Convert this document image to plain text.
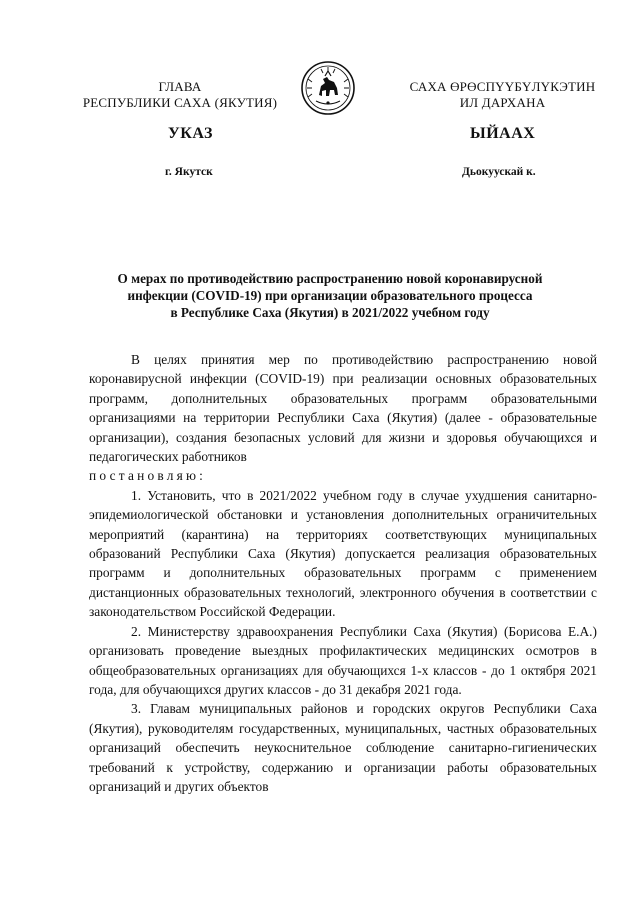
ГЛАВА
РЕСПУБЛИКИ САХА (ЯКУТИЯ)
САХА ӨРӨСПҮҮБҮЛҮКЭТИН
ИЛ ДАРХАНА
УКАЗ	ЫЙААХ
г. Якутск	Дьокуускай к.
О мерах по противодействию распространению новой коронавирусной
инфекции (COVID-19) при организации образовательного процесса
в Республике Саха (Якутия) в 2021/2022 учебном году

В целях принятия мер по противодействию распространению новой коронавирусной инфекции (COVID-19) при реализации основных образовательных программ, дополнительных образовательных программ образовательными организациями на территории Республики Саха (Якутия) (далее - образовательные организации), создания безопасных условий для жизни и здоровья обучающихся и педагогических работников

постановляю:

1. Установить, что в 2021/2022 учебном году в случае ухудшения санитарно-эпидемиологической обстановки и установления дополнительных ограничительных мероприятий (карантина) на территориях соответствующих муниципальных образований Республики Саха (Якутия) допускается реализация образовательных программ и дополнительных образовательных программ с применением дистанционных образовательных технологий, электронного обучения в соответствии с законодательством Российской Федерации.

2. Министерству здравоохранения Республики Саха (Якутия) (Борисова Е.А.) организовать проведение выездных профилактических медицинских осмотров в общеобразовательных организациях для обучающихся 1-х классов - до 1 октября 2021 года, для обучающихся других классов - до 31 декабря 2021 года.

3. Главам муниципальных районов и городских округов Республики Саха (Якутия), руководителям государственных, муниципальных, частных образовательных организаций обеспечить неукоснительное соблюдение санитарно-гигиенических требований к устройству, содержанию и организации работы образовательных организаций и других объектов
